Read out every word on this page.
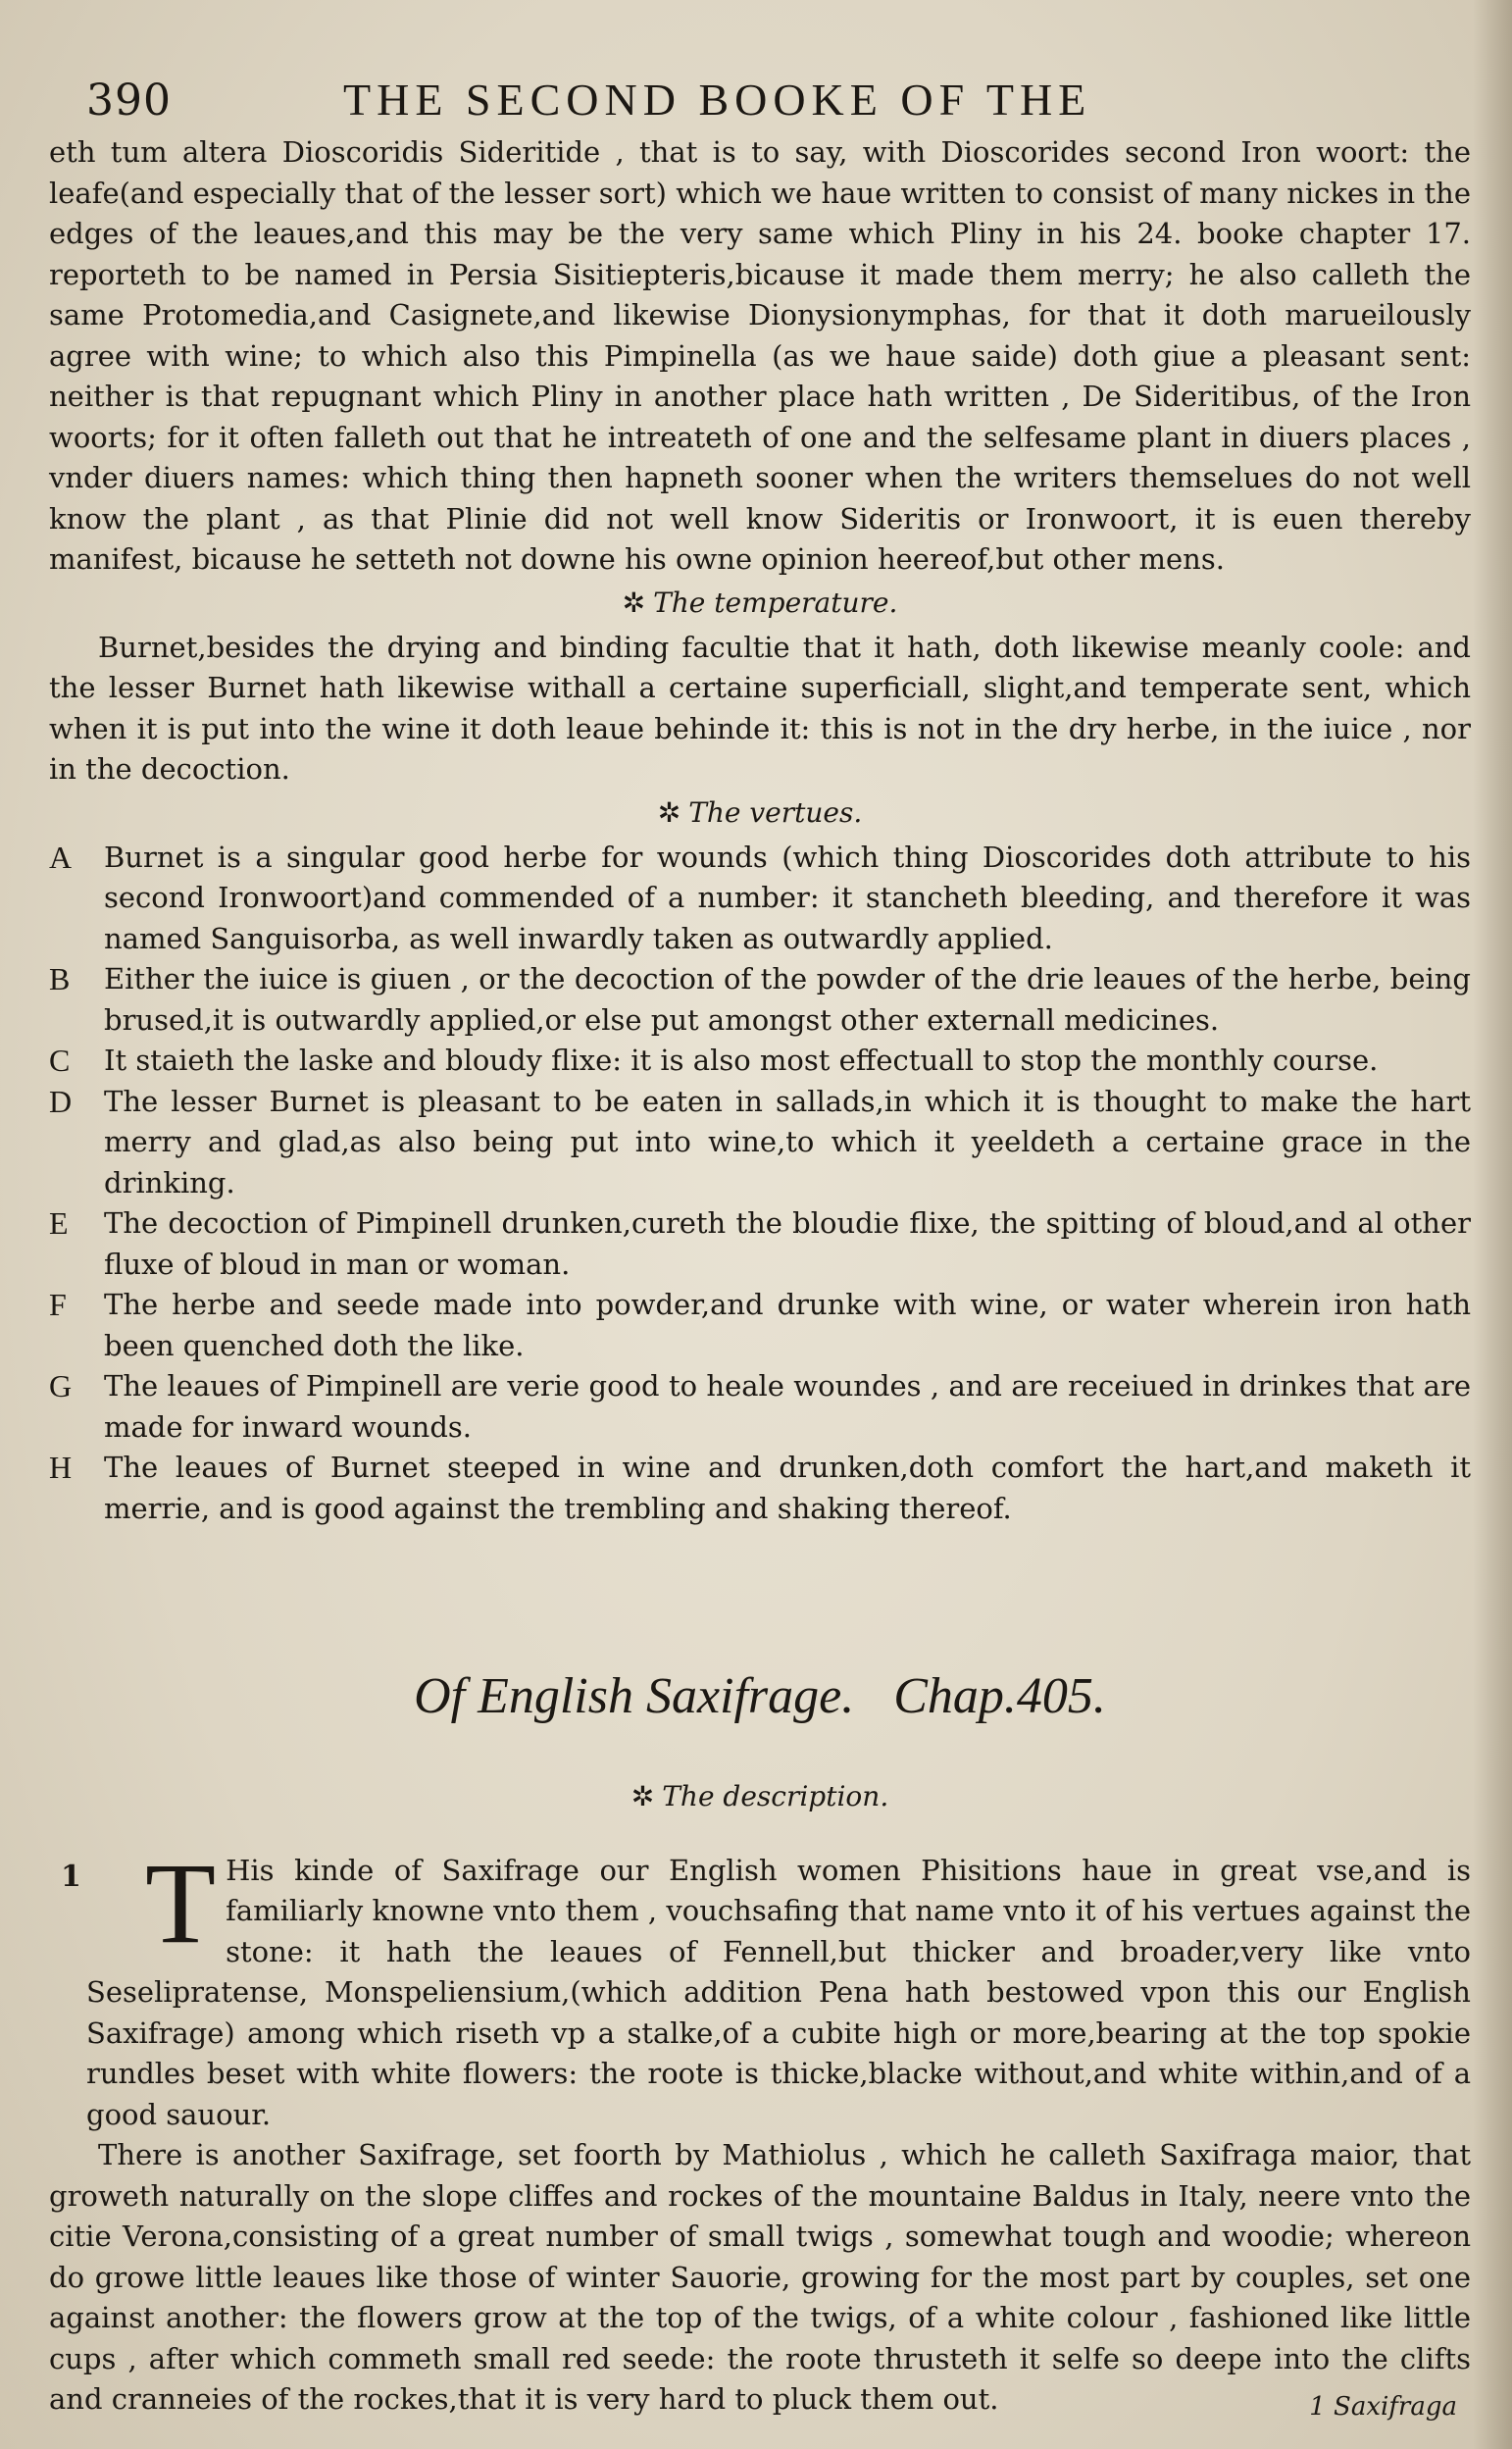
390	THE SECOND BOOKE OF THE

eth tum altera Dioscoridis Sideritide , that is to say, with Dioscorides second Iron woort: the leafe(and especially that of the lesser sort) which we haue written to consist of many nickes in the edges of the leaues,and this may be the very same which Pliny in his 24. booke chapter 17. reporteth to be named in Persia Sisitiepteris,bicause it made them merry; he also calleth the same Protomedia,and Casignete,and likewise Dionysionymphas, for that it doth marueilously agree with wine; to which also this Pimpinella (as we haue saide) doth giue a pleasant sent: neither is that repugnant which Pliny in another place hath written , De Sideritibus, of the Iron woorts; for it often falleth out that he intreateth of one and the selfesame plant in diuers places , vnder diuers names: which thing then hapneth sooner when the writers themselues do not well know the plant , as that Plinie did not well know Sideritis or Ironwoort, it is euen thereby manifest, bicause he setteth not downe his owne opinion heereof,but other mens.

✲ The temperature.

Burnet,besides the drying and binding facultie that it hath, doth likewise meanly coole: and the lesser Burnet hath likewise withall a certaine superficiall, slight,and temperate sent, which when it is put into the wine it doth leaue behinde it: this is not in the dry herbe, in the iuice , nor in the decoction.

✲ The vertues.
A	Burnet is a singular good herbe for wounds (which thing Dioscorides doth attribute to his second Ironwoort)and commended of a number: it stancheth bleeding, and therefore it was named Sanguisorba, as well inwardly taken as outwardly applied.
B	Either the iuice is giuen , or the decoction of the powder of the drie leaues of the herbe, being brused,it is outwardly applied,or else put amongst other externall medicines.
C	It staieth the laske and bloudy flixe: it is also most effectuall to stop the monthly course.
D	The lesser Burnet is pleasant to be eaten in sallads,in which it is thought to make the hart merry and glad,as also being put into wine,to which it yeeldeth a certaine grace in the drinking.
E	The decoction of Pimpinell drunken,cureth the bloudie flixe, the spitting of bloud,and al other fluxe of bloud in man or woman.
F	The herbe and seede made into powder,and drunke with wine, or water wherein iron hath been quenched doth the like.
G	The leaues of Pimpinell are verie good to heale woundes , and are receiued in drinkes that are made for inward wounds.
H	The leaues of Burnet steeped in wine and drunken,doth comfort the hart,and maketh it merrie, and is good against the trembling and shaking thereof.
Of English Saxifrage. Chap.405.
✲ The description.
1 T His kinde of Saxifrage our English women Phisitions haue in great vse,and is familiarly knowne vnto them , vouchsafing that name vnto it of his vertues against the stone: it hath the leaues of Fennell,but thicker and broader,very like vnto Seselipratense, Monspeliensium,(which addition Pena hath bestowed vpon this our English Saxifrage) among which riseth vp a stalke,of a cubite high or more,bearing at the top spokie rundles beset with white flowers: the roote is thicke,blacke without,and white within,and of a good sauour.

There is another Saxifrage, set foorth by Mathiolus , which he calleth Saxifraga maior, that groweth naturally on the slope cliffes and rockes of the mountaine Baldus in Italy, neere vnto the citie Verona,consisting of a great number of small twigs , somewhat tough and woodie; whereon do growe little leaues like those of winter Sauorie, growing for the most part by couples, set one against another: the flowers grow at the top of the twigs, of a white colour , fashioned like little cups , after which commeth small red seede: the roote thrusteth it selfe so deepe into the clifts and cranneies of the rockes,that it is very hard to pluck them out.	1 Saxifraga
